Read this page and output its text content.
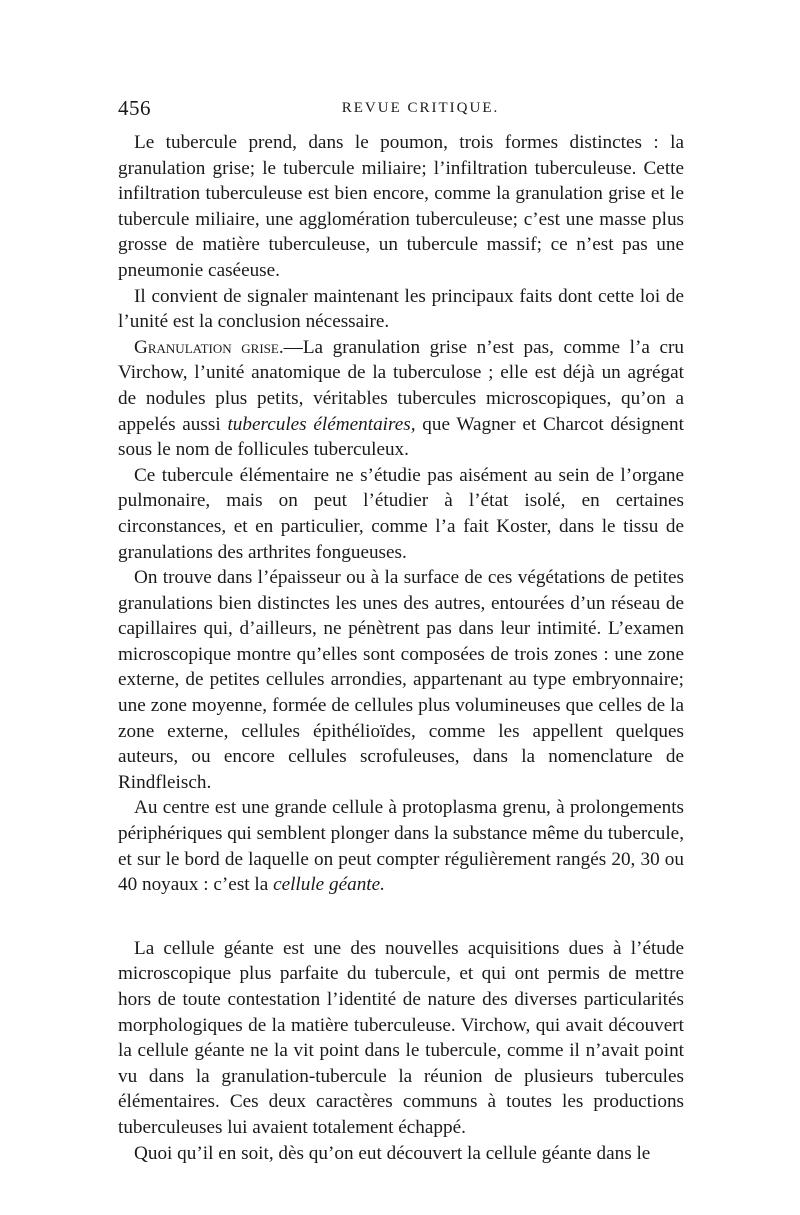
456	REVUE CRITIQUE.

Le tubercule prend, dans le poumon, trois formes distinctes : la granulation grise; le tubercule miliaire; l’infiltration tuberculeuse. Cette infiltration tuberculeuse est bien encore, comme la granulation grise et le tubercule miliaire, une agglomération tuberculeuse; c’est une masse plus grosse de matière tuberculeuse, un tubercule massif; ce n’est pas une pneumonie caséeuse.

Il convient de signaler maintenant les principaux faits dont cette loi de l’unité est la conclusion nécessaire.

Granulation grise.—La granulation grise n’est pas, comme l’a cru Virchow, l’unité anatomique de la tuberculose ; elle est déjà un agrégat de nodules plus petits, véritables tubercules microscopiques, qu’on a appelés aussi tubercules élémentaires, que Wagner et Charcot désignent sous le nom de follicules tuberculeux.

Ce tubercule élémentaire ne s’étudie pas aisément au sein de l’organe pulmonaire, mais on peut l’étudier à l’état isolé, en certaines circonstances, et en particulier, comme l’a fait Koster, dans le tissu de granulations des arthrites fongueuses.

On trouve dans l’épaisseur ou à la surface de ces végétations de petites granulations bien distinctes les unes des autres, entourées d’un réseau de capillaires qui, d’ailleurs, ne pénètrent pas dans leur intimité. L’examen microscopique montre qu’elles sont composées de trois zones : une zone externe, de petites cellules arrondies, appartenant au type embryonnaire; une zone moyenne, formée de cellules plus volumineuses que celles de la zone externe, cellules épithélioïdes, comme les appellent quelques auteurs, ou encore cellules scrofuleuses, dans la nomenclature de Rindfleisch.

Au centre est une grande cellule à protoplasma grenu, à prolongements périphériques qui semblent plonger dans la substance même du tubercule, et sur le bord de laquelle on peut compter régulièrement rangés 20, 30 ou 40 noyaux : c’est la cellule géante.

La cellule géante est une des nouvelles acquisitions dues à l’étude microscopique plus parfaite du tubercule, et qui ont permis de mettre hors de toute contestation l’identité de nature des diverses particularités morphologiques de la matière tuberculeuse. Virchow, qui avait découvert la cellule géante ne la vit point dans le tubercule, comme il n’avait point vu dans la granulation-tubercule la réunion de plusieurs tubercules élémentaires. Ces deux caractères communs à toutes les productions tuberculeuses lui avaient totalement échappé.

Quoi qu’il en soit, dès qu’on eut découvert la cellule géante dans le
